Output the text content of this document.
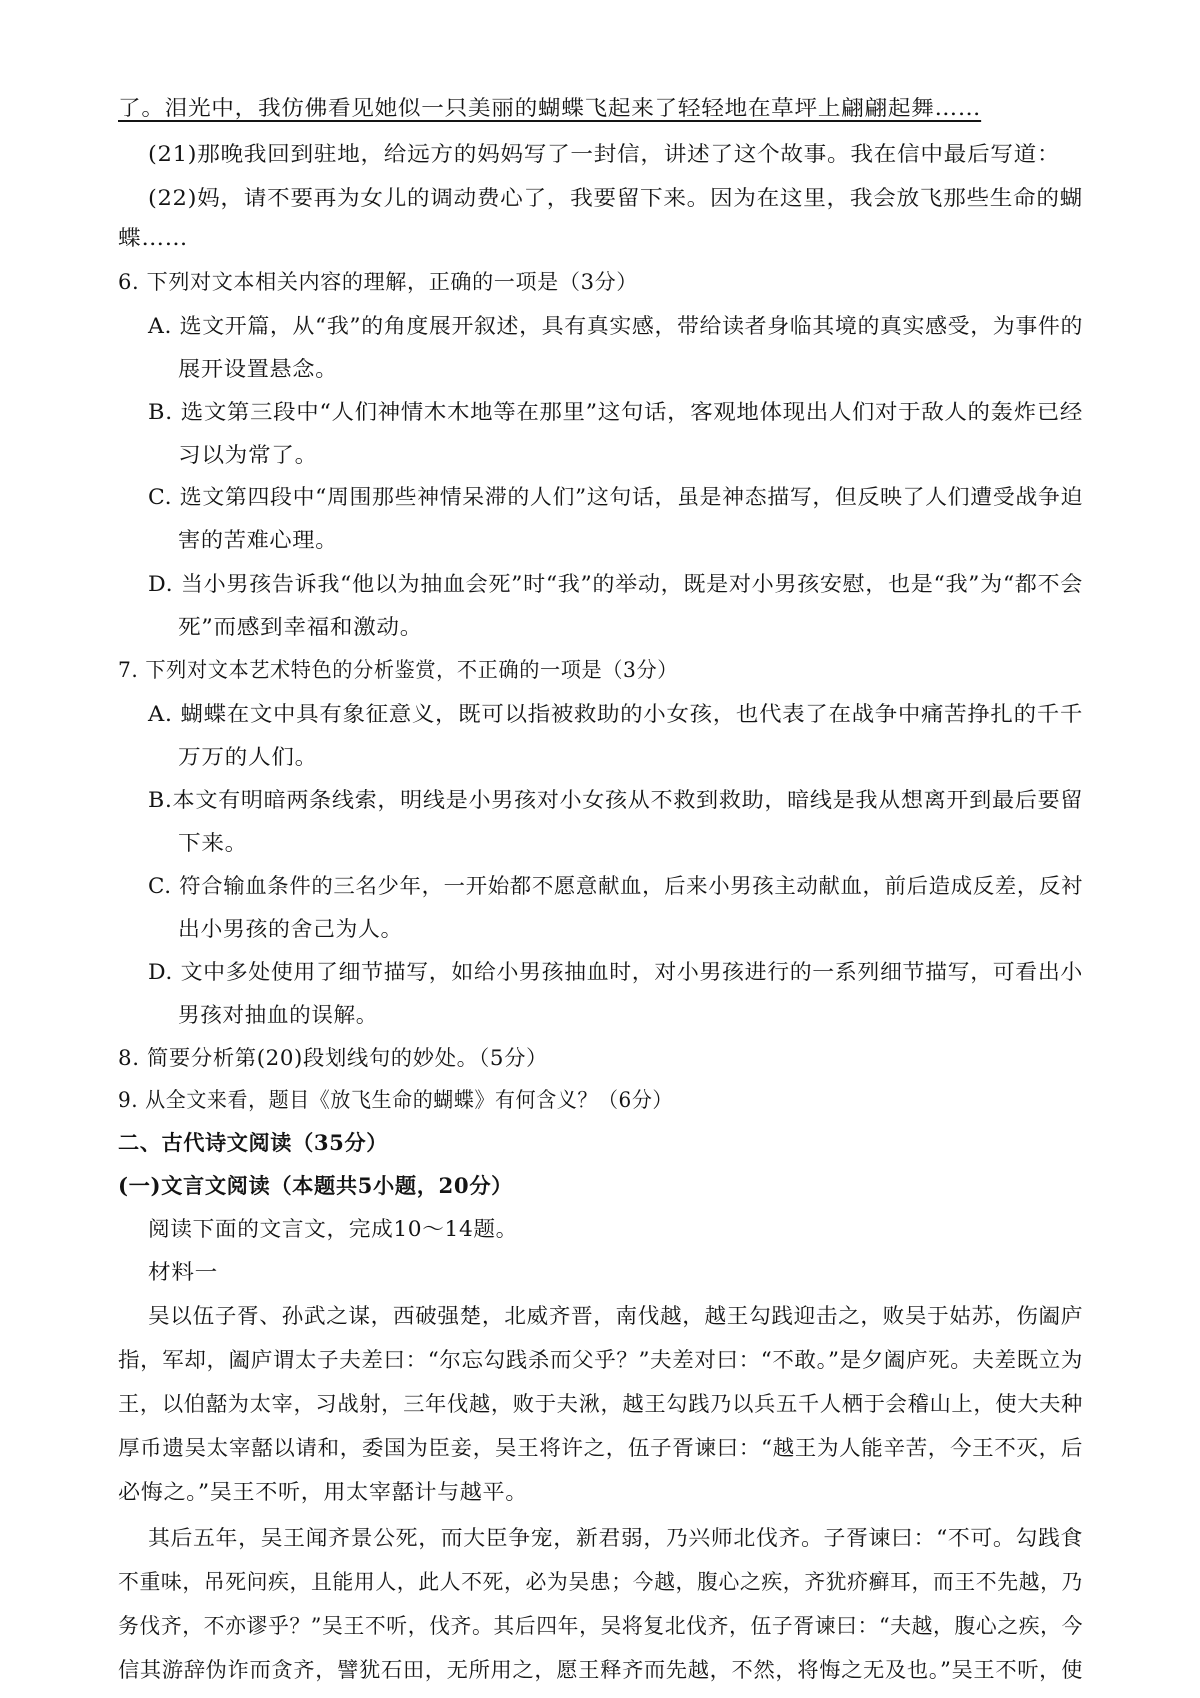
了。泪光中，我仿佛看见她似一只美丽的蝴蝶飞起来了轻轻地在草坪上翩翩起舞……
(21)那晚我回到驻地，给远方的妈妈写了一封信，讲述了这个故事。我在信中最后写道：
(22)妈，请不要再为女儿的调动费心了，我要留下来。因为在这里，我会放飞那些生命的蝴
蝶……
6. 下列对文本相关内容的理解，正确的一项是（3分）
A. 选文开篇，从“我”的角度展开叙述，具有真实感，带给读者身临其境的真实感受，为事件的
展开设置悬念。
B. 选文第三段中“人们神情木木地等在那里”这句话，客观地体现出人们对于敌人的轰炸已经
习以为常了。
C. 选文第四段中“周围那些神情呆滞的人们”这句话，虽是神态描写，但反映了人们遭受战争迫
害的苦难心理。
D. 当小男孩告诉我“他以为抽血会死”时“我”的举动，既是对小男孩安慰，也是“我”为“都不会
死”而感到幸福和激动。
7. 下列对文本艺术特色的分析鉴赏，不正确的一项是（3分）
A. 蝴蝶在文中具有象征意义，既可以指被救助的小女孩，也代表了在战争中痛苦挣扎的千千
万万的人们。
B.本文有明暗两条线索，明线是小男孩对小女孩从不救到救助，暗线是我从想离开到最后要留
下来。
C. 符合输血条件的三名少年，一开始都不愿意献血，后来小男孩主动献血，前后造成反差，反衬
出小男孩的舍己为人。
D. 文中多处使用了细节描写，如给小男孩抽血时，对小男孩进行的一系列细节描写，可看出小
男孩对抽血的误解。
8. 简要分析第(20)段划线句的妙处。（5分）
9. 从全文来看，题目《放飞生命的蝴蝶》有何含义？（6分）
二、古代诗文阅读（35分）
(一)文言文阅读（本题共5小题，20分）
阅读下面的文言文，完成10～14题。
材料一
吴以伍子胥、孙武之谋，西破强楚，北威齐晋，南伐越，越王勾践迎击之，败吴于姑苏，伤阖庐
指，军却，阖庐谓太子夫差曰：“尔忘勾践杀而父乎？”夫差对曰：“不敢。”是夕阖庐死。夫差既立为
王，以伯嚭为太宰，习战射，三年伐越，败于夫湫，越王勾践乃以兵五千人栖于会稽山上，使大夫种
厚币遗吴太宰嚭以请和，委国为臣妾，吴王将许之，伍子胥谏曰：“越王为人能辛苦，今王不灭，后
必悔之。”吴王不听，用太宰嚭计与越平。
其后五年，吴王闻齐景公死，而大臣争宠，新君弱，乃兴师北伐齐。子胥谏曰：“不可。勾践食
不重味，吊死问疾，且能用人，此人不死，必为吴患；今越，腹心之疾，齐犹疥癣耳，而王不先越，乃
务伐齐，不亦谬乎？”吴王不听，伐齐。其后四年，吴将复北伐齐，伍子胥谏曰：“夫越，腹心之疾，今
信其游辞伪诈而贪齐，譬犹石田，无所用之，愿王释齐而先越，不然，将悔之无及也。”吴王不听，使
